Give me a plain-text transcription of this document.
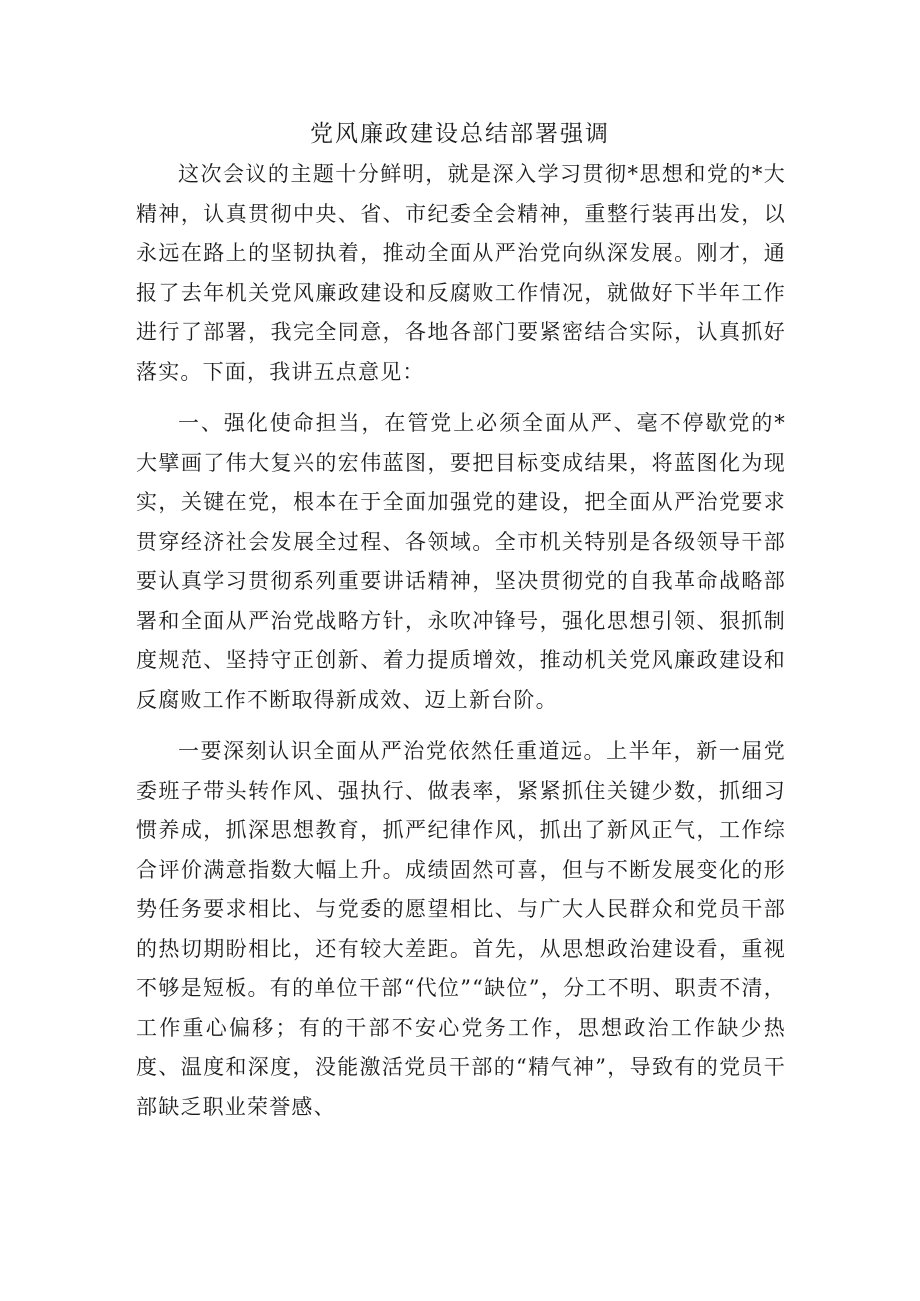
党风廉政建设总结部署强调

这次会议的主题十分鲜明，就是深入学习贯彻*思想和党的*大精神，认真贯彻中央、省、市纪委全会精神，重整行装再出发，以永远在路上的坚韧执着，推动全面从严治党向纵深发展。刚才，通报了去年机关党风廉政建设和反腐败工作情况，就做好下半年工作进行了部署，我完全同意，各地各部门要紧密结合实际，认真抓好落实。下面，我讲五点意见：

一、强化使命担当，在管党上必须全面从严、毫不停歇党的*大擘画了伟大复兴的宏伟蓝图，要把目标变成结果，将蓝图化为现实，关键在党，根本在于全面加强党的建设，把全面从严治党要求贯穿经济社会发展全过程、各领域。全市机关特别是各级领导干部要认真学习贯彻系列重要讲话精神，坚决贯彻党的自我革命战略部署和全面从严治党战略方针，永吹冲锋号，强化思想引领、狠抓制度规范、坚持守正创新、着力提质增效，推动机关党风廉政建设和反腐败工作不断取得新成效、迈上新台阶。

一要深刻认识全面从严治党依然任重道远。上半年，新一届党委班子带头转作风、强执行、做表率，紧紧抓住关键少数，抓细习惯养成，抓深思想教育，抓严纪律作风，抓出了新风正气，工作综合评价满意指数大幅上升。成绩固然可喜，但与不断发展变化的形势任务要求相比、与党委的愿望相比、与广大人民群众和党员干部的热切期盼相比，还有较大差距。首先，从思想政治建设看，重视不够是短板。有的单位干部“代位”“缺位”，分工不明、职责不清，工作重心偏移；有的干部不安心党务工作，思想政治工作缺少热度、温度和深度，没能激活党员干部的“精气神”，导致有的党员干部缺乏职业荣誉感、
